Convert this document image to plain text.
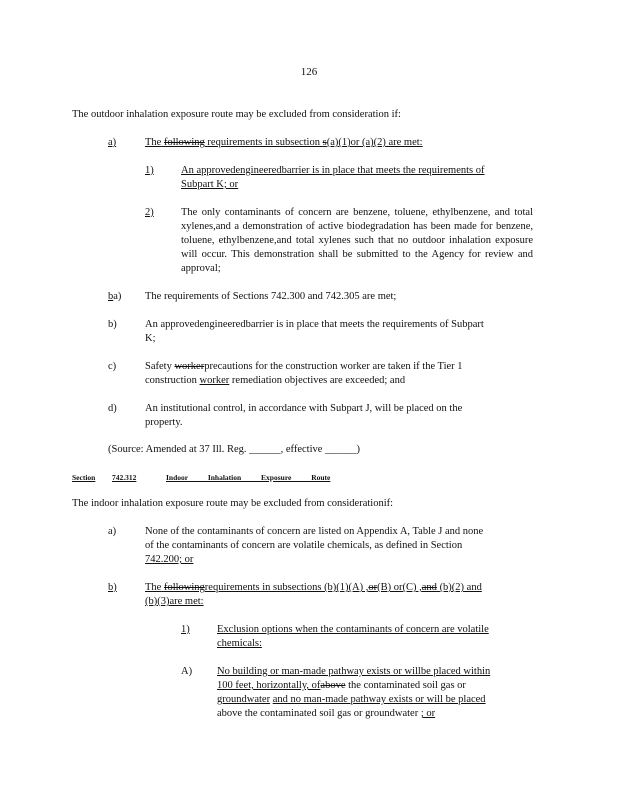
126
The outdoor inhalation exposure route may be excluded from consideration if:
a)	The following requirements in subsection s(a)(1)or (a)(2) are met:
1)	An approvedengineeredbarrier is in place that meets the requirements of
Subpart K; or
2)	The only contaminants of concern are benzene, toluene, ethylbenzene, and total xylenes,and a demonstration of active biodegradation has been made for benzene, toluene, ethylbenzene,and total xylenes such that no outdoor inhalation exposure will occur. This demonstration shall be submitted to the Agency for review and approval;
ba) The requirements of Sections 742.300 and 742.305 are met;
b)	An approvedengineeredbarrier is in place that meets the requirements of Subpart
K;
c)	Safety workerprecautions for the construction worker are taken if the Tier 1
construction worker remediation objectives are exceeded; and
d)	An institutional control, in accordance with Subpart J, will be placed on the
property.
(Source: Amended at 37 Ill. Reg. ______, effective ______)
Section 742.312	Indoor Inhalation Exposure Route
The indoor inhalation exposure route may be excluded from considerationif:
a)	None of the contaminants of concern are listed on Appendix A, Table J and none
of the contaminants of concern are volatile chemicals, as defined in Section
742.200; or
b)	The followingrequirements in subsections (b)(1)(A) ,or(B) or(C) ,and (b)(2) and
(b)(3)are met:
1)	Exclusion options when the contaminants of concern are volatile
chemicals:
A) No building or man-made pathway exists or willbe placed within
100 feet, horizontally, ofabove the contaminated soil gas or
groundwater and no man-made pathway exists or will be placed
above the contaminated soil gas or groundwater ; or
